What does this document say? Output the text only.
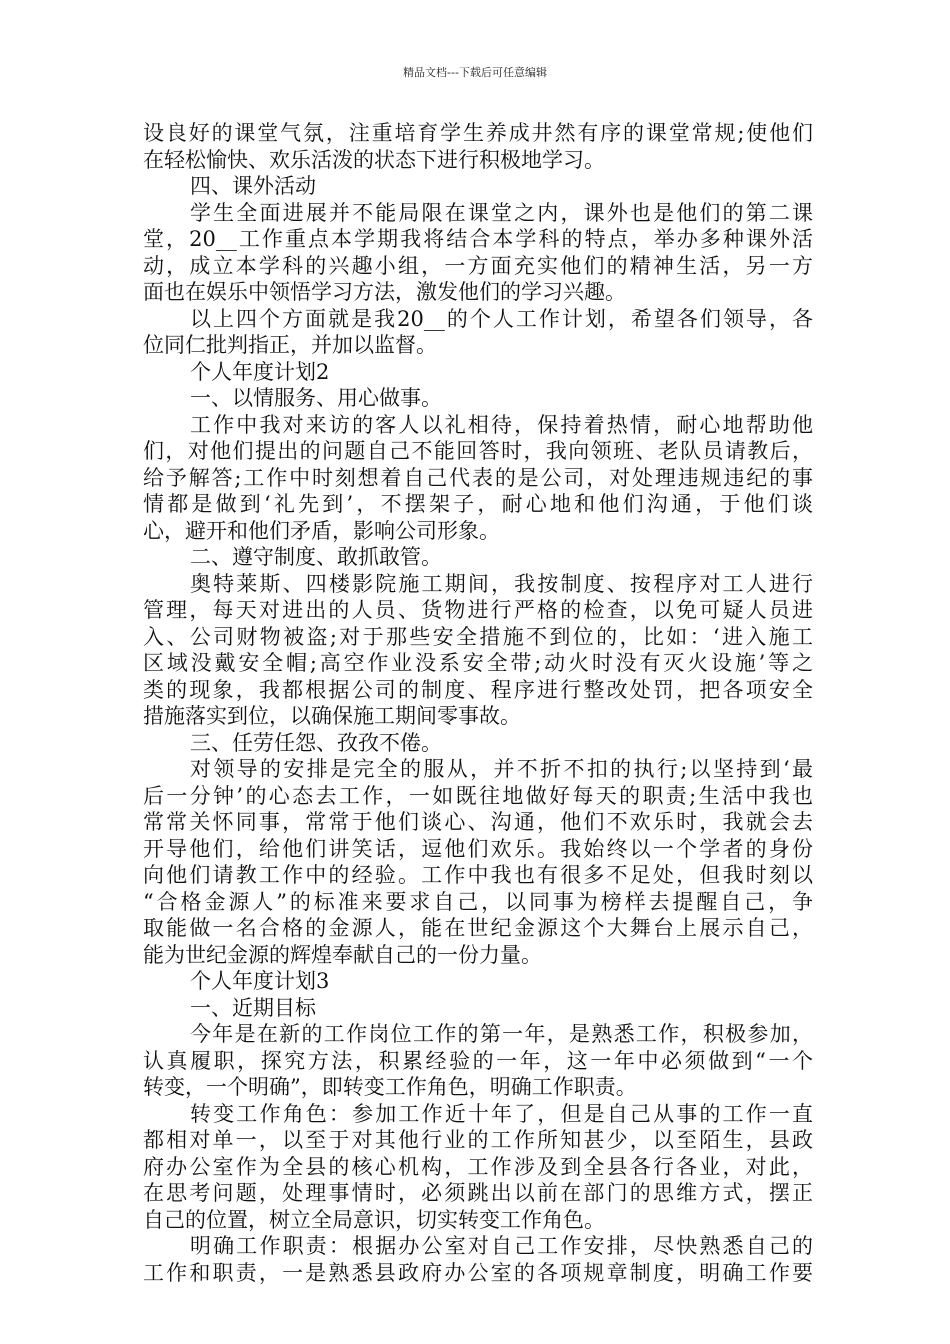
精品文档---下载后可任意编辑
设良好的课堂气氛，注重培育学生养成井然有序的课堂常规;使他们
在轻松愉快、欢乐活泼的状态下进行积极地学习。
四、课外活动
学生全面进展并不能局限在课堂之内，课外也是他们的第二课
堂，20__工作重点本学期我将结合本学科的特点，举办多种课外活
动，成立本学科的兴趣小组，一方面充实他们的精神生活，另一方
面也在娱乐中领悟学习方法，激发他们的学习兴趣。
以上四个方面就是我20__的个人工作计划，希望各们领导，各
位同仁批判指正，并加以监督。
个人年度计划2
一、以情服务、用心做事。
工作中我对来访的客人以礼相待，保持着热情，耐心地帮助他
们，对他们提出的问题自己不能回答时，我向领班、老队员请教后，
给予解答;工作中时刻想着自己代表的是公司，对处理违规违纪的事
情都是做到‘礼先到’，不摆架子，耐心地和他们沟通，于他们谈
心，避开和他们矛盾，影响公司形象。
二、遵守制度、敢抓敢管。
奥特莱斯、四楼影院施工期间，我按制度、按程序对工人进行
管理，每天对进出的人员、货物进行严格的检查，以免可疑人员进
入、公司财物被盗;对于那些安全措施不到位的，比如：‘进入施工
区域没戴安全帽;高空作业没系安全带;动火时没有灭火设施’等之
类的现象，我都根据公司的制度、程序进行整改处罚，把各项安全
措施落实到位，以确保施工期间零事故。
三、任劳任怨、孜孜不倦。
对领导的安排是完全的服从，并不折不扣的执行;以坚持到‘最
后一分钟’的心态去工作，一如既往地做好每天的职责;生活中我也
常常关怀同事，常常于他们谈心、沟通，他们不欢乐时，我就会去
开导他们，给他们讲笑话，逗他们欢乐。我始终以一个学者的身份
向他们请教工作中的经验。工作中我也有很多不足处，但我时刻以
“合格金源人”的标准来要求自己，以同事为榜样去提醒自己，争
取能做一名合格的金源人，能在世纪金源这个大舞台上展示自己，
能为世纪金源的辉煌奉献自己的一份力量。
个人年度计划3
一、近期目标
今年是在新的工作岗位工作的第一年，是熟悉工作，积极参加，
认真履职，探究方法，积累经验的一年，这一年中必须做到“一个
转变，一个明确”，即转变工作角色，明确工作职责。
转变工作角色：参加工作近十年了，但是自己从事的工作一直
都相对单一，以至于对其他行业的工作所知甚少，以至陌生，县政
府办公室作为全县的核心机构，工作涉及到全县各行各业，对此，
在思考问题，处理事情时，必须跳出以前在部门的思维方式，摆正
自己的位置，树立全局意识，切实转变工作角色。
明确工作职责：根据办公室对自己工作安排，尽快熟悉自己的
工作和职责，一是熟悉县政府办公室的各项规章制度，明确工作要
